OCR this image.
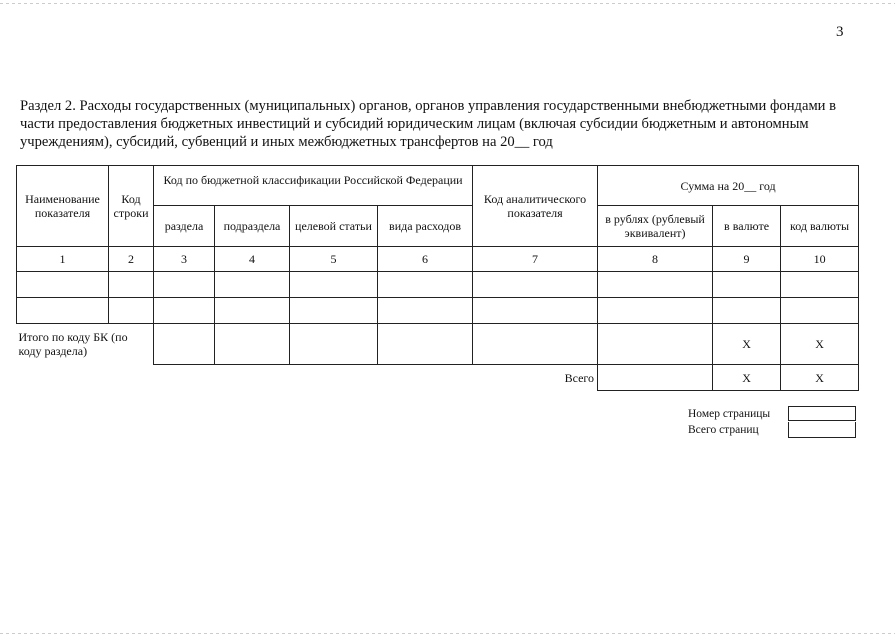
3
Раздел 2. Расходы государственных (муниципальных) органов, органов управления государственными внебюджетными фондами в части предоставления бюджетных инвестиций и субсидий юридическим лицам (включая субсидии бюджетным и автономным учреждениям), субсидий, субвенций и иных межбюджетных трансфертов на 20__ год
Наименование показателя	Код строки	Код по бюджетной классификации Российской Федерации				Код аналитического показателя	Сумма на 20__ год		
		раздела	подраздела	целевой статьи	вида расходов		в рублях (рублевый эквивалент)	в валюте	код валюты
1	2	3	4	5	6	7	8	9	10

Итого по коду БК (по коду раздела)								X	X
Всего								X	X
Номер страницы
Всего страниц
